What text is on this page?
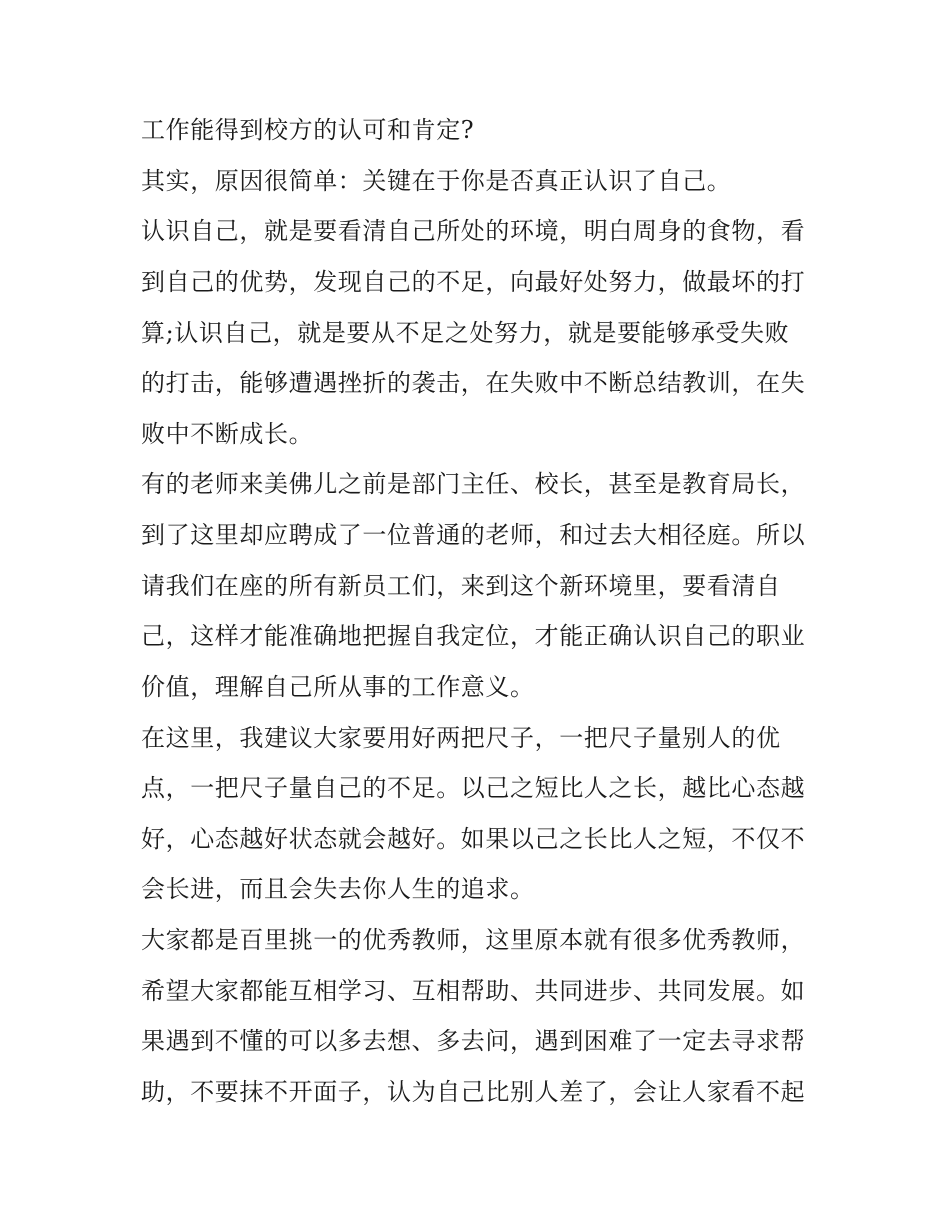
工作能得到校方的认可和肯定?
其实，原因很简单：关键在于你是否真正认识了自己。
认识自己，就是要看清自己所处的环境，明白周身的食物，看
到自己的优势，发现自己的不足，向最好处努力，做最坏的打
算;认识自己，就是要从不足之处努力，就是要能够承受失败
的打击，能够遭遇挫折的袭击，在失败中不断总结教训，在失
败中不断成长。
有的老师来美佛儿之前是部门主任、校长，甚至是教育局长，
到了这里却应聘成了一位普通的老师，和过去大相径庭。所以
请我们在座的所有新员工们，来到这个新环境里，要看清自
己，这样才能准确地把握自我定位，才能正确认识自己的职业
价值，理解自己所从事的工作意义。
在这里，我建议大家要用好两把尺子，一把尺子量别人的优
点，一把尺子量自己的不足。以己之短比人之长，越比心态越
好，心态越好状态就会越好。如果以己之长比人之短，不仅不
会长进，而且会失去你人生的追求。
大家都是百里挑一的优秀教师，这里原本就有很多优秀教师，
希望大家都能互相学习、互相帮助、共同进步、共同发展。如
果遇到不懂的可以多去想、多去问，遇到困难了一定去寻求帮
助，不要抹不开面子，认为自己比别人差了，会让人家看不起
